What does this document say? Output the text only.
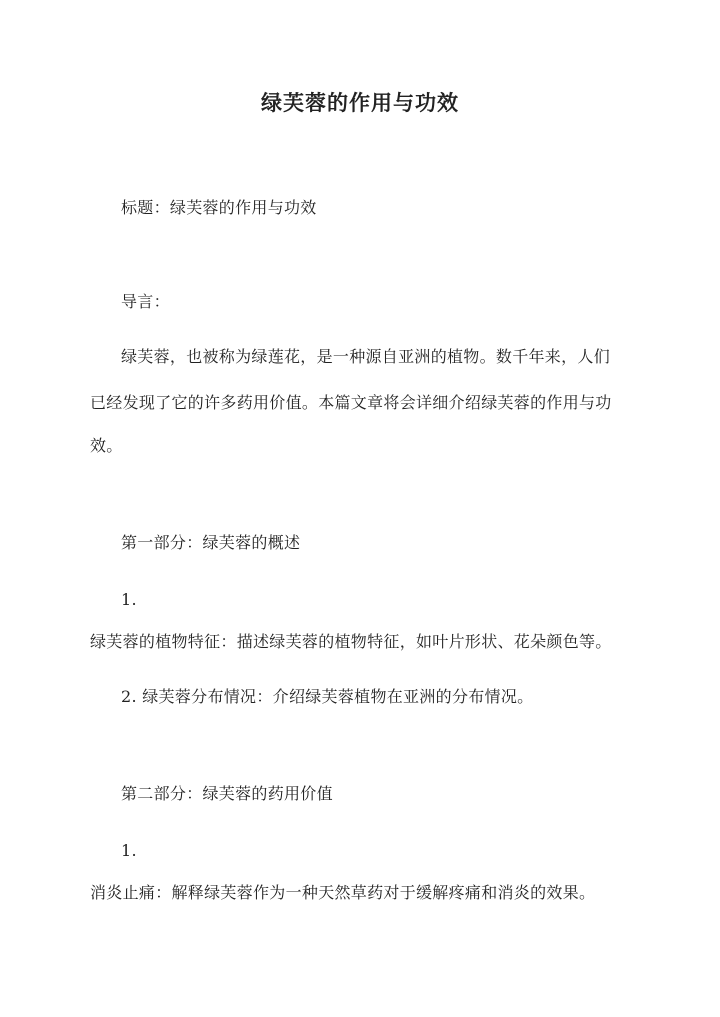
绿芙蓉的作用与功效

标题：绿芙蓉的作用与功效

导言：

绿芙蓉，也被称为绿莲花，是一种源自亚洲的植物。数千年来，人们

已经发现了它的许多药用价值。本篇文章将会详细介绍绿芙蓉的作用与功

效。

第一部分：绿芙蓉的概述

1.

绿芙蓉的植物特征：描述绿芙蓉的植物特征，如叶片形状、花朵颜色等。

2. 绿芙蓉分布情况：介绍绿芙蓉植物在亚洲的分布情况。

第二部分：绿芙蓉的药用价值

1.

消炎止痛：解释绿芙蓉作为一种天然草药对于缓解疼痛和消炎的效果。
